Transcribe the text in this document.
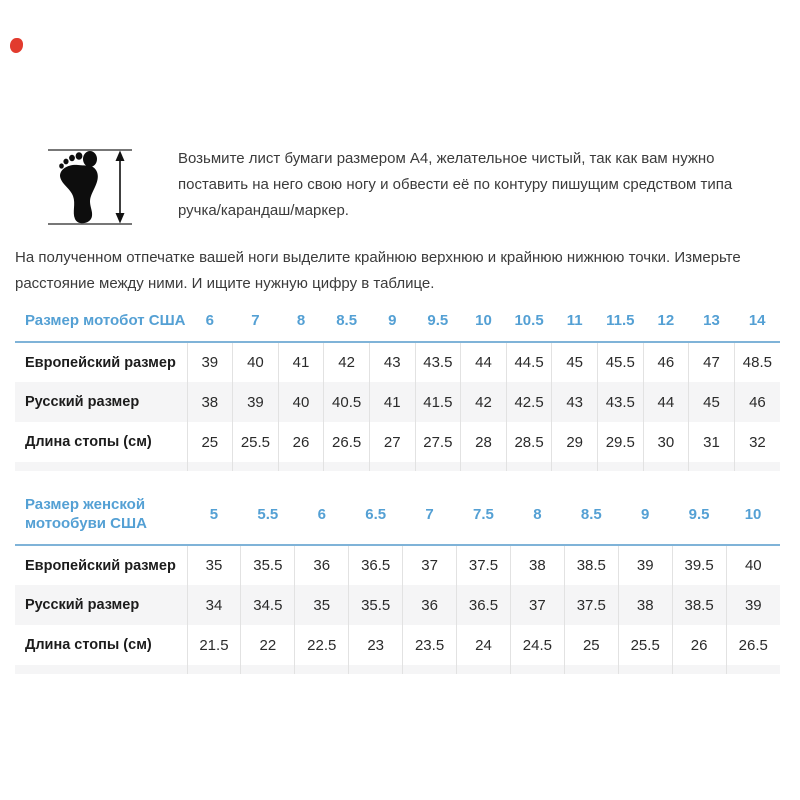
Возьмите лист бумаги размером А4, желательное чистый, так как вам нужно поставить на него свою ногу и обвести её по контуру пишущим средством типа ручка/карандаш/маркер.

На полученном отпечатке вашей ноги выделите крайнюю верхнюю и крайнюю нижнюю точки. Измерьте расстояние между ними. И ищите нужную цифру в таблице.

Размер мотобот США	6	7	8	8.5	9	9.5	10	10.5	11	11.5	12	13	14
Европейский размер	39	40	41	42	43	43.5	44	44.5	45	45.5	46	47	48.5
Русский размер	38	39	40	40.5	41	41.5	42	42.5	43	43.5	44	45	46
Длина стопы (см)	25	25.5	26	26.5	27	27.5	28	28.5	29	29.5	30	31	32

Размер женской мотообуви США	5	5.5	6	6.5	7	7.5	8	8.5	9	9.5	10
Европейский размер	35	35.5	36	36.5	37	37.5	38	38.5	39	39.5	40
Русский размер	34	34.5	35	35.5	36	36.5	37	37.5	38	38.5	39
Длина стопы (см)	21.5	22	22.5	23	23.5	24	24.5	25	25.5	26	26.5
